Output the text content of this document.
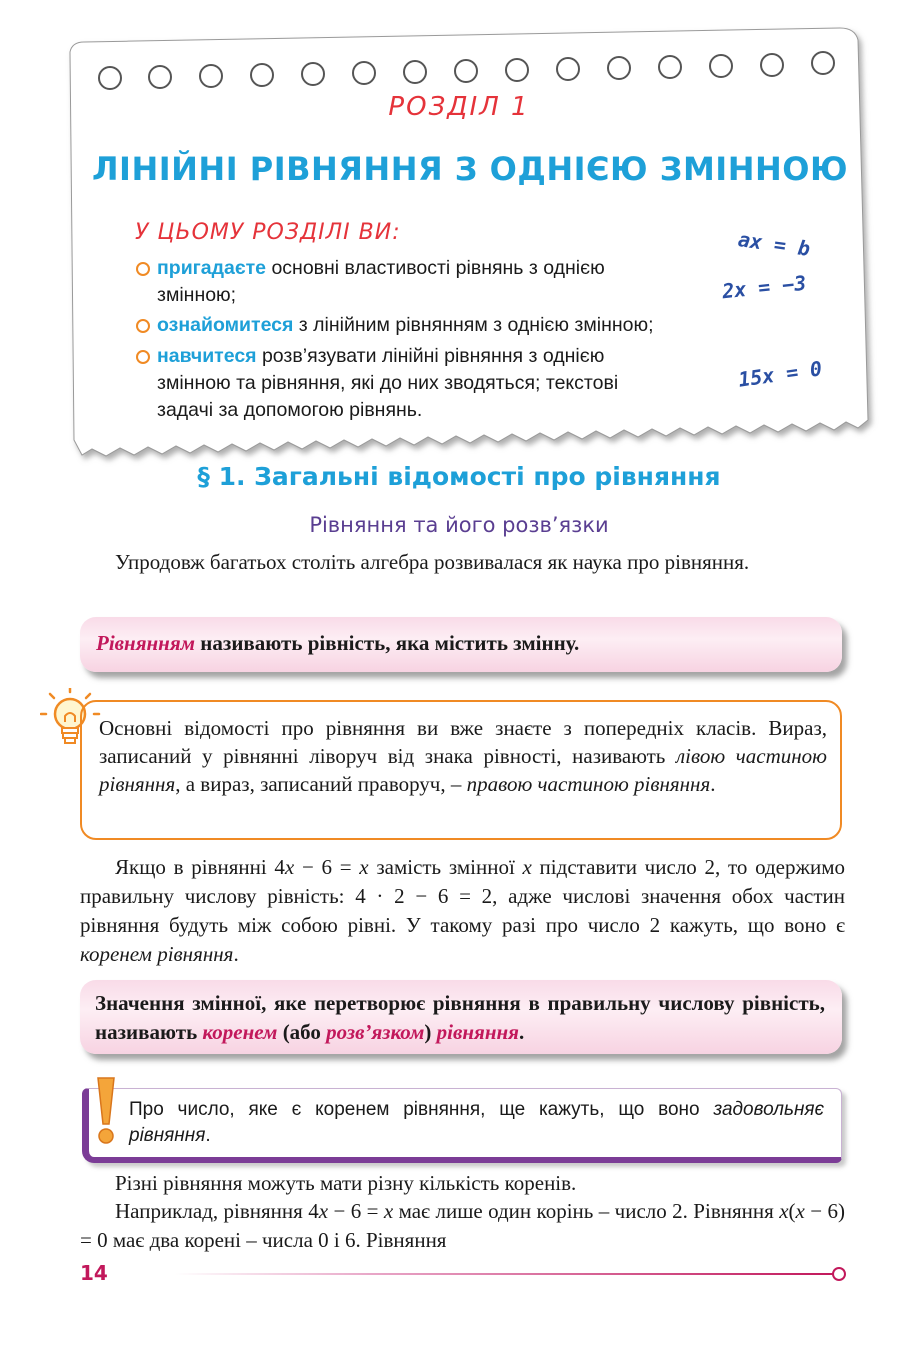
РОЗДІЛ 1
ЛІНІЙНІ РІВНЯННЯ З ОДНІЄЮ ЗМІННОЮ
У ЦЬОМУ РОЗДІЛІ ВИ:
пригадаєте основні властивості рівнянь з однією
змінною;
ознайомитеся з лінійним рівнянням з однією змінною;
навчитеся розв’язувати лінійні рівняння з однією
змінною та рівняння, які до них зводяться; текстові
задачі за допомогою рівнянь.
ax = b
2x = −3
15x = 0
§ 1. Загальні відомості про рівняння
Рівняння та його розв’язки
Упродовж багатьох століть алгебра розвивалася як наука про рівняння.
Рівнянням називають рівність, яка містить змінну.
Основні відомості про рівняння ви вже знаєте з попередніх класів. Вираз, записаний у рівнянні ліворуч від знака рівності, називають лівою частиною рівняння, а вираз, записаний праворуч, – правою частиною рівняння.
Якщо в рівнянні 4x − 6 = x замість змінної x підставити число 2, то одержимо правильну числову рівність: 4 · 2 − 6 = 2, адже числові значення обох частин рівняння будуть між собою рівні. У такому разі про число 2 кажуть, що воно є коренем рівняння.
Значення змінної, яке перетворює рівняння в правильну числову рівність, називають коренем (або розв’язком) рівняння.
Про число, яке є коренем рівняння, ще кажуть, що воно задовольняє рівняння.
Різні рівняння можуть мати різну кількість коренів.
Наприклад, рівняння 4x − 6 = x має лише один корінь – число 2. Рівняння x(x − 6) = 0 має два корені – числа 0 і 6. Рівняння
14
